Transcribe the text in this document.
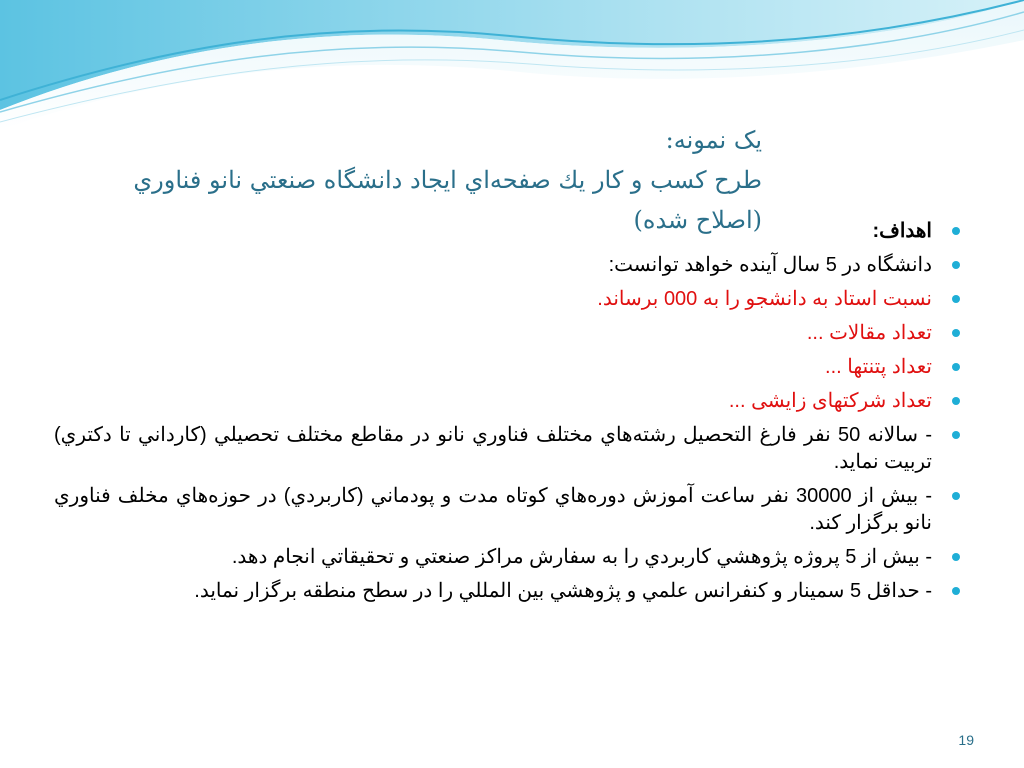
یک نمونه:
طرح كسب و كار يك صفحه‌اي ايجاد دانشگاه صنعتي نانو فناوري (اصلاح شده)	اهداف:
دانشگاه در 5 سال آینده خواهد توانست:
نسبت استاد به دانشجو را به 000 برساند.
تعداد مقالات ...
تعداد پتنتها ...
تعداد شرکتهای زایشی ...
- سالانه 50 نفر فارغ التحصيل رشته‌هاي مختلف فناوري نانو در مقاطع مختلف تحصيلي (كارداني تا دكتري) تربيت نمايد.
- بيش از 30000 نفر ساعت آموزش دوره‌هاي كوتاه مدت و پودماني (كاربردي) در حوزه‌هاي مخلف فناوري نانو برگزار كند.
- بيش از 5 پروژه پژوهشي كاربردي را به سفارش مراكز صنعتي و تحقيقاتي انجام دهد.
- حداقل 5 سمينار و كنفرانس علمي و پژوهشي بين المللي را در سطح منطقه برگزار نمايد.
19
